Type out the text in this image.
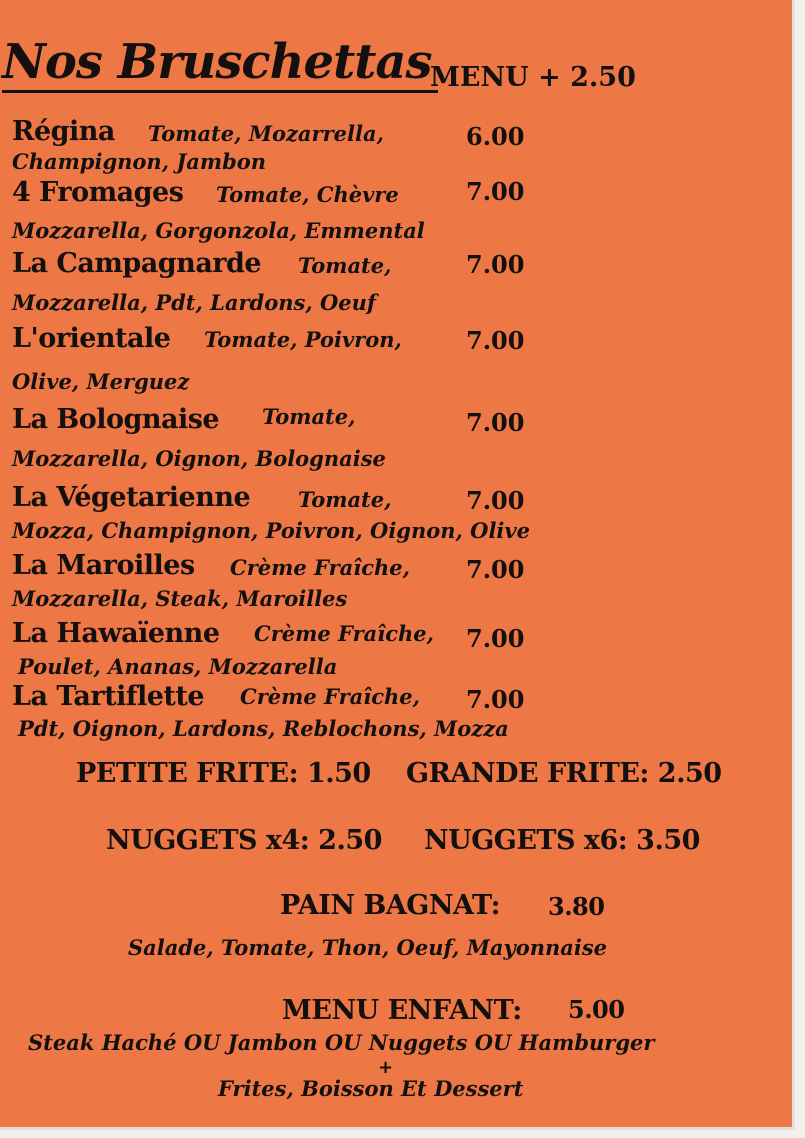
Nos Bruschettas
MENU + 2.50
Régina Tomate, Mozarrella,	6.00
Champignon, Jambon
4 Fromages Tomate, Chèvre	7.00
Mozzarella, Gorgonzola, Emmental
La Campagnarde Tomate,	7.00
Mozzarella, Pdt, Lardons, Oeuf
L'orientale Tomate, Poivron,	7.00
Olive, Merguez
La Bolognaise Tomate,	7.00
Mozzarella, Oignon, Bolognaise
La Végetarienne Tomate,	7.00
Mozza, Champignon, Poivron, Oignon, Olive
La Maroilles Crème Fraîche, 7.00
Mozzarella, Steak, Maroilles
La Hawaïenne Crème Fraîche, 7.00
Poulet, Ananas, Mozzarella
La Tartiflette Crème Fraîche, 7.00
Pdt, Oignon, Lardons, Reblochons, Mozza
PETITE FRITE: 1.50 GRANDE FRITE: 2.50
NUGGETS x4: 2.50 NUGGETS x6: 3.50
PAIN BAGNAT: 3.80
Salade, Tomate, Thon, Oeuf, Mayonnaise
MENU ENFANT: 5.00
Steak Haché OU Jambon OU Nuggets OU Hamburger
+
Frites, Boisson Et Dessert
